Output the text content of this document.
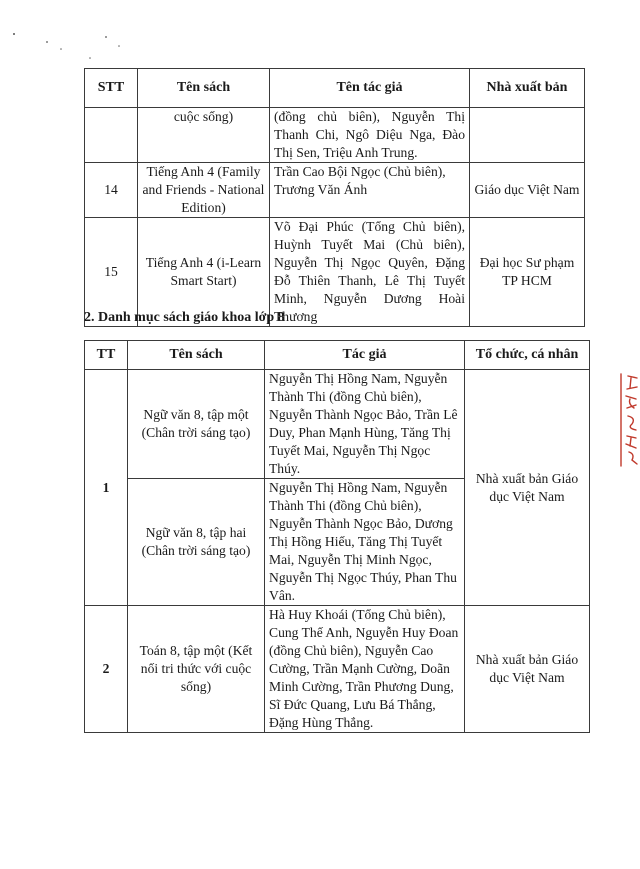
STT	Tên sách	Tên tác giả	Nhà xuất bản
	cuộc sống)	(đồng chủ biên), Nguyễn Thị Thanh Chi, Ngô Diệu Nga, Đào Thị Sen, Triệu Anh Trung.	
14	Tiếng Anh 4 (Family and Friends - National Edition)	Trần Cao Bội Ngọc (Chủ biên), Trương Văn Ánh	Giáo dục Việt Nam
15	Tiếng Anh 4 (i-Learn Smart Start)	Võ Đại Phúc (Tổng Chủ biên), Huỳnh Tuyết Mai (Chủ biên), Nguyễn Thị Ngọc Quyên, Đặng Đỗ Thiên Thanh, Lê Thị Tuyết Minh, Nguyễn Dương Hoài Thương	Đại học Sư phạm TP HCM
2. Danh mục sách giáo khoa lớp 8
TT	Tên sách	Tác giả	Tổ chức, cá nhân
1	Ngữ văn 8, tập một (Chân trời sáng tạo)	Nguyễn Thị Hồng Nam, Nguyễn Thành Thi (đồng Chủ biên), Nguyễn Thành Ngọc Bảo, Trần Lê Duy, Phan Mạnh Hùng, Tăng Thị Tuyết Mai, Nguyễn Thị Ngọc Thúy.	Nhà xuất bản Giáo dục Việt Nam
	Ngữ văn 8, tập hai (Chân trời sáng tạo)	Nguyễn Thị Hồng Nam, Nguyễn Thành Thi (đồng Chủ biên), Nguyễn Thành Ngọc Bảo, Dương Thị Hồng Hiếu, Tăng Thị Tuyết Mai, Nguyễn Thị Minh Ngọc, Nguyễn Thị Ngọc Thúy, Phan Thu Vân.	
2	Toán 8, tập một (Kết nối tri thức với cuộc sống)	Hà Huy Khoái (Tổng Chủ biên), Cung Thế Anh, Nguyễn Huy Đoan (đồng Chủ biên), Nguyễn Cao Cường, Trần Mạnh Cường, Doãn Minh Cường, Trần Phương Dung, Sĩ Đức Quang, Lưu Bá Thắng, Đặng Hùng Thắng.	Nhà xuất bản Giáo dục Việt Nam
